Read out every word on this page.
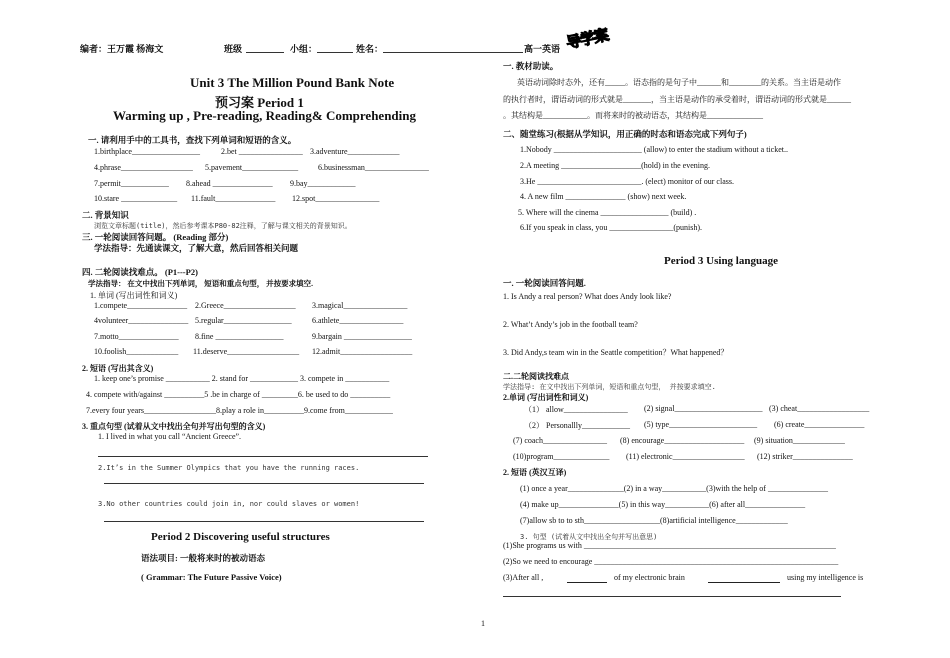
编者：王万霞 杨海文	班级	小组：	姓名：	高一英语 导学案
Unit 3 The Million Pound Bank Note
预习案 Period 1
Warming up , Pre-reading, Reading& Comprehending
一. 请利用手中的工具书，查找下列单词和短语的含义。
1.birthplace_________________	2.bet ________________ 3.adventure_____________
4.phrase__________________ 5.pavement______________ 6.businessman________________
7.permit____________ 8.ahead _______________ 9.bay____________
10.stare ______________ 11.fault_______________ 12.spot________________
二. 背景知识
浏览文章标题(title)，然后参考课本P80-82注释，了解与课文相关的背景知识。
三. 一轮阅读回答问题。 (Reading 部分)
学法指导：先通读课文，了解大意，然后回答相关问题
四. 二轮阅读找难点。 (P1---P2)
学法指导： 在文中找出下列单词， 短语和重点句型， 并按要求填空.
1. 单词 (写出词性和词义)
1.compete_______________ 2.Greece__________________ 3.magical________________
4volunteer_______________ 5.regular_________________	6.athlete________________
7.motto_______________ 8.fine _________________	9.bargain _________________
10.foolish_____________ 11.deserve__________________ 12.admit__________________
2. 短语 (写出其含义)
1. keep one’s promise ___________ 2. stand for ____________ 3. compete in ___________
4. compete with/against __________5 .be in charge of _________6. be used to do __________
7.every four years__________________8.play a role in__________9.come from____________
3. 重点句型 (试着从文中找出全句并写出句型的含义)
1. I lived in what you call “Ancient Greece”.
2.It’s in the Summer Olympics that you have the running races.
3.No other countries could join in, nor could slaves or women!
Period 2 Discovering useful structures
语法项目: 一般将来时的被动语态
( Grammar: The Future Passive Voice)
一. 教材助读。
英语动词除时态外，还有_____。语态指的是句子中______和________的关系。当主语是动作
的执行者时，谓语动词的形式就是_______，当主语是动作的承受着时，谓语动词的形式就是______
。其结构是___________。而将来时的被动语态，其结构是______________
二、随堂练习(根据从学知识，用正确的时态和语态完成下列句子)
1.Nobody ______________________ (allow) to enter the stadium without a ticket..
2.A meeting ____________________(hold) in the evening.
3.He __________________________. (elect) monitor of our class.
4. A new film _______________ (show) next week.
5. Where will the cinema _________________ (build) .
6.If you speak in class, you ________________(punish).
Period 3 Using language
一. 一轮阅读回答问题.
1. Is Andy a real person? What does Andy look like?
2. What’t Andy’s job in the football team?
3. Did Andy,s team win in the Seattle competition？What happened？
二.二轮阅读找难点
学法指导: 在文中找出下列单词，短语和重点句型， 并按要求填空.
2.单词 (写出词性和词义)
（1） allow________________ (2) signal______________________ (3) cheat__________________
（2） Personallly____________ (5) type______________________ (6) create_______________
(7) coach________________ (8) encourage____________________ (9) situation_____________
(10)program______________ (11) electronic__________________ (12) striker_______________
2. 短语 (英汉互译)
(1) once a year______________(2) in a way___________(3)with the help of _______________
(4) make up_______________(5) in this way___________(6) after all_______________
(7)allow sb to to sth___________________(8)artificial intelligence_____________
3. 句型 (试着从文中找出全句并写出意思)
(1)She programs us with _______________________________________________________________
(2)So we need to encourage _____________________________________________________________
(3)After all ,	of my electronic brain	using my intelligence is
1
